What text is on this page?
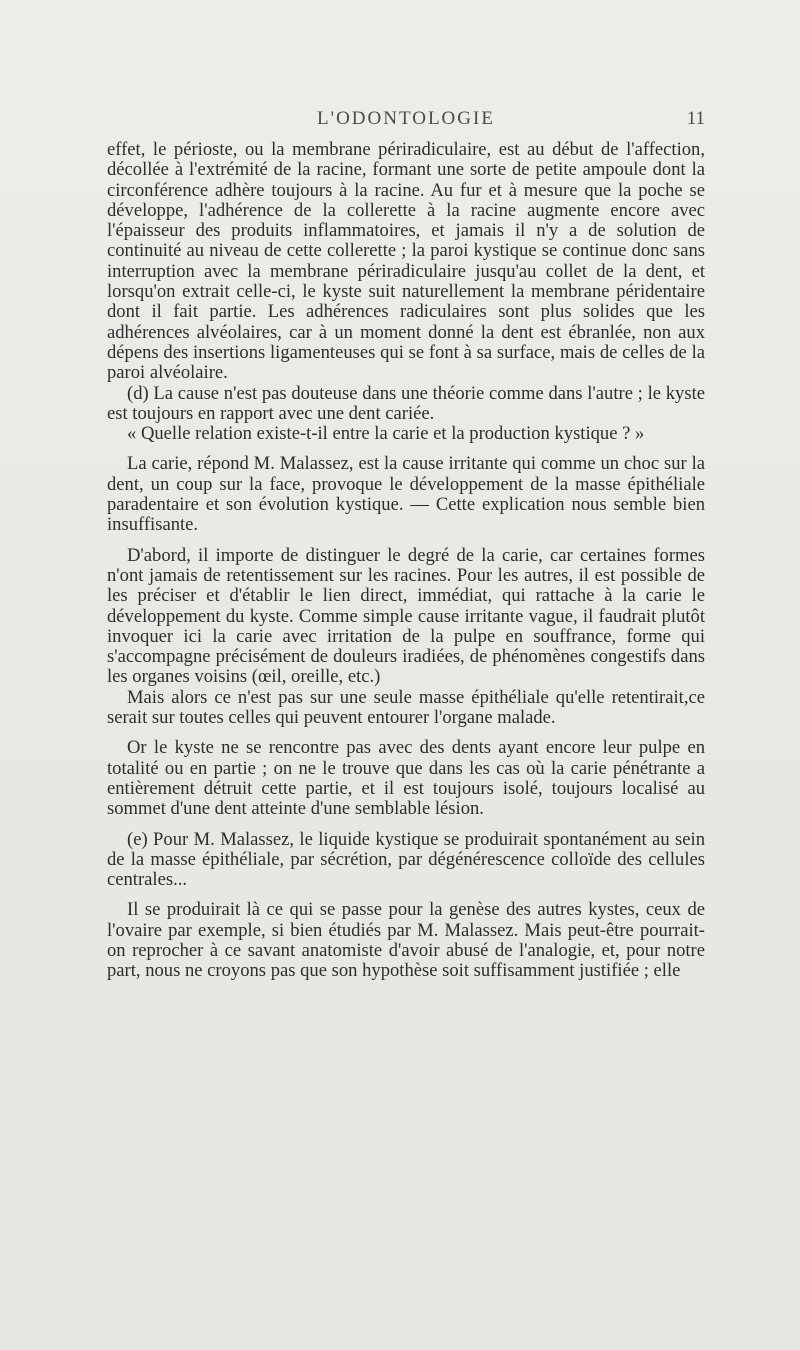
L'ODONTOLOGIE	11

effet, le périoste, ou la membrane périradiculaire, est au début de l'affection, décollée à l'extrémité de la racine, formant une sorte de petite ampoule dont la circonférence adhère toujours à la racine. Au fur et à mesure que la poche se développe, l'adhérence de la collerette à la racine augmente encore avec l'épaisseur des produits inflammatoires, et jamais il n'y a de solution de continuité au niveau de cette collerette ; la paroi kystique se continue donc sans interruption avec la membrane périradiculaire jusqu'au collet de la dent, et lorsqu'on extrait celle-ci, le kyste suit naturellement la membrane péridentaire dont il fait partie. Les adhérences radiculaires sont plus solides que les adhérences alvéolaires, car à un moment donné la dent est ébranlée, non aux dépens des insertions ligamenteuses qui se font à sa surface, mais de celles de la paroi alvéolaire.

(d) La cause n'est pas douteuse dans une théorie comme dans l'autre ; le kyste est toujours en rapport avec une dent cariée.

« Quelle relation existe-t-il entre la carie et la production kystique ? »

La carie, répond M. Malassez, est la cause irritante qui comme un choc sur la dent, un coup sur la face, provoque le développement de la masse épithéliale paradentaire et son évolution kystique. — Cette explication nous semble bien insuffisante.

D'abord, il importe de distinguer le degré de la carie, car certaines formes n'ont jamais de retentissement sur les racines. Pour les autres, il est possible de les préciser et d'établir le lien direct, immédiat, qui rattache à la carie le développement du kyste. Comme simple cause irritante vague, il faudrait plutôt invoquer ici la carie avec irritation de la pulpe en souffrance, forme qui s'accompagne précisément de douleurs iradiées, de phénomènes congestifs dans les organes voisins (œil, oreille, etc.)

Mais alors ce n'est pas sur une seule masse épithéliale qu'elle retentirait,ce serait sur toutes celles qui peuvent entourer l'organe malade.

Or le kyste ne se rencontre pas avec des dents ayant encore leur pulpe en totalité ou en partie ; on ne le trouve que dans les cas où la carie pénétrante a entièrement détruit cette partie, et il est toujours isolé, toujours localisé au sommet d'une dent atteinte d'une semblable lésion.

(e) Pour M. Malassez, le liquide kystique se produirait spontanément au sein de la masse épithéliale, par sécrétion, par dégénérescence colloïde des cellules centrales...

Il se produirait là ce qui se passe pour la genèse des autres kystes, ceux de l'ovaire par exemple, si bien étudiés par M. Malassez. Mais peut-être pourrait-on reprocher à ce savant anatomiste d'avoir abusé de l'analogie, et, pour notre part, nous ne croyons pas que son hypothèse soit suffisamment justifiée ; elle
